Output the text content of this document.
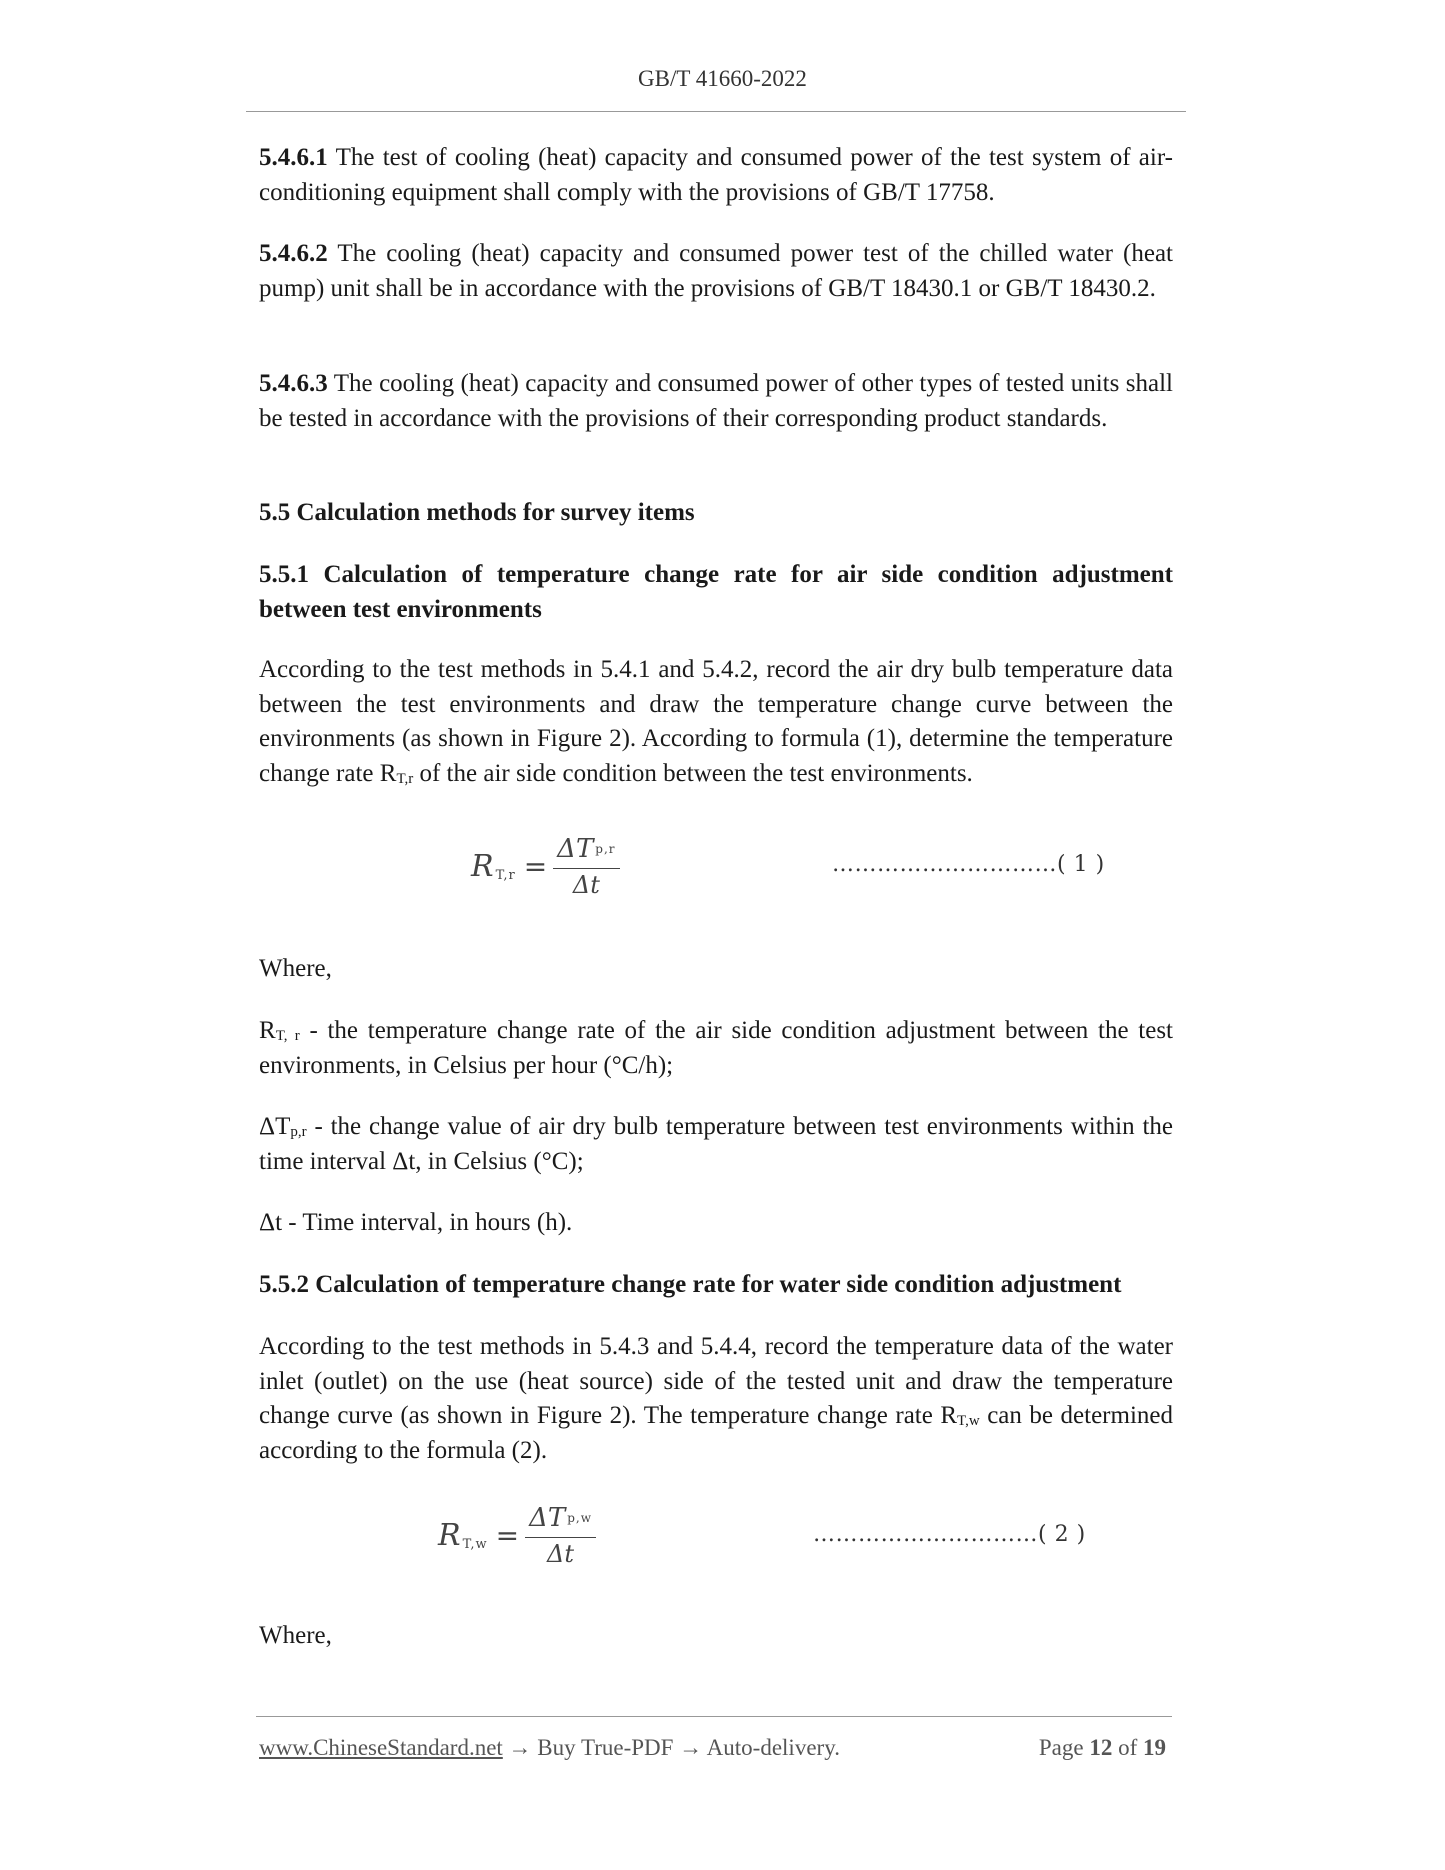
GB/T 41660-2022

5.4.6.1 The test of cooling (heat) capacity and consumed power of the test system of air-conditioning equipment shall comply with the provisions of GB/T 17758.

5.4.6.2 The cooling (heat) capacity and consumed power test of the chilled water (heat pump) unit shall be in accordance with the provisions of GB/T 18430.1 or GB/T 18430.2.

5.4.6.3 The cooling (heat) capacity and consumed power of other types of tested units shall be tested in accordance with the provisions of their corresponding product standards.

5.5 Calculation methods for survey items

5.5.1 Calculation of temperature change rate for air side condition adjustment between test environments

According to the test methods in 5.4.1 and 5.4.2, record the air dry bulb temperature data between the test environments and draw the temperature change curve between the environments (as shown in Figure 2). According to formula (1), determine the temperature change rate $R_{T,r}$ of the air side condition between the test environments.

R $T,r = \frac{\text{ΔT p,r}}{\Delta t}$	…………………………( 1 )

Where,

$R_{T, r}$ - the temperature change rate of the air side condition adjustment between the test environments, in Celsius per hour (°C/h);

$\Delta T_{p,r}$ - the change value of air dry bulb temperature between test environments within the time interval Δt, in Celsius (°C);

Δt - Time interval, in hours (h).

5.5.2 Calculation of temperature change rate for water side condition adjustment

According to the test methods in 5.4.3 and 5.4.4, record the temperature data of the water inlet (outlet) on the use (heat source) side of the tested unit and draw the temperature change curve (as shown in Figure 2). The temperature change rate $R_{T,w}$ can be determined according to the formula (2).

R $T,w = \frac{\text{ΔT p,w}}{\Delta t}$	…………………………( 2 )

Where,

www.ChineseStandard.net → Buy True-PDF → Auto-delivery.	Page 12 of 19
